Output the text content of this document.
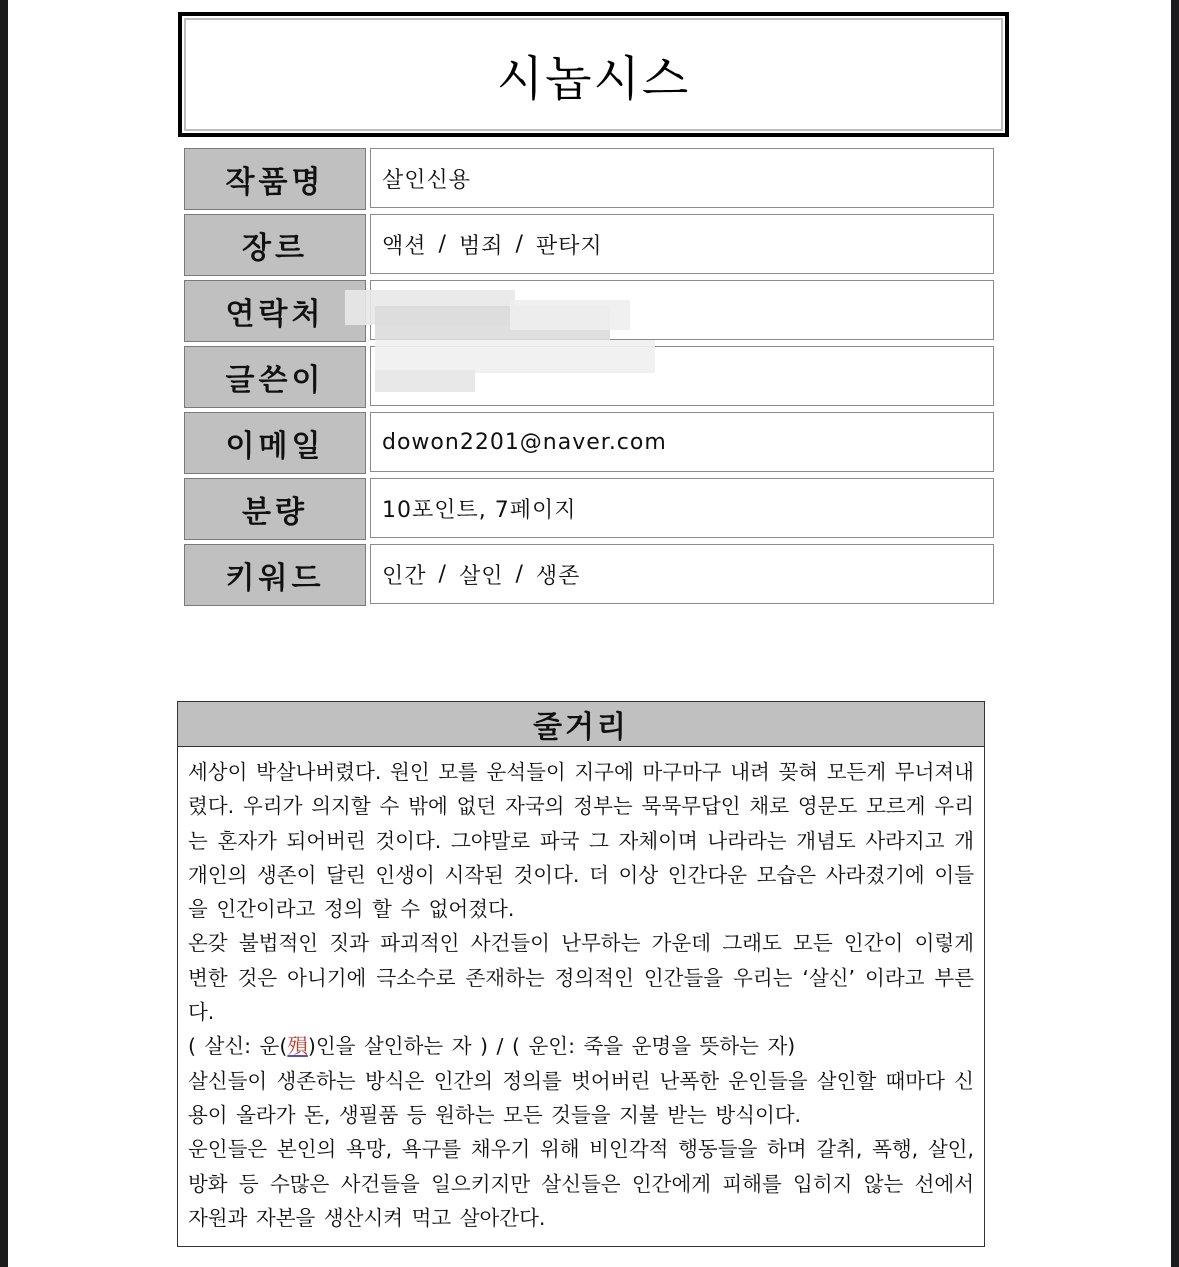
시놉시스
작품명	살인신용
장르	액션 / 범죄 / 판타지
연락처
글쓴이
이메일	dowon2201@naver.com
분량	10포인트, 7페이지
키워드	인간 / 살인 / 생존
줄거리

세상이 박살나버렸다. 원인 모를 운석들이 지구에 마구마구 내려 꽂혀 모든게 무너져내렸다. 우리가 의지할 수 밖에 없던 자국의 정부는 묵묵무답인 채로 영문도 모르게 우리는 혼자가 되어버린 것이다. 그야말로 파국 그 자체이며 나라라는 개념도 사라지고 개개인의 생존이 달린 인생이 시작된 것이다. 더 이상 인간다운 모습은 사라졌기에 이들을 인간이라고 정의 할 수 없어졌다.

온갖 불법적인 짓과 파괴적인 사건들이 난무하는 가운데 그래도 모든 인간이 이렇게 변한 것은 아니기에 극소수로 존재하는 정의적인 인간들을 우리는 ‘살신’ 이라고 부른다.

( 살신: 운(殞)인을 살인하는 자 ) / ( 운인: 죽을 운명을 뜻하는 자)

살신들이 생존하는 방식은 인간의 정의를 벗어버린 난폭한 운인들을 살인할 때마다 신용이 올라가 돈, 생필품 등 원하는 모든 것들을 지불 받는 방식이다.

운인들은 본인의 욕망, 욕구를 채우기 위해 비인각적 행동들을 하며 갈취, 폭행, 살인, 방화 등 수많은 사건들을 일으키지만 살신들은 인간에게 피해를 입히지 않는 선에서 자원과 자본을 생산시켜 먹고 살아간다.
